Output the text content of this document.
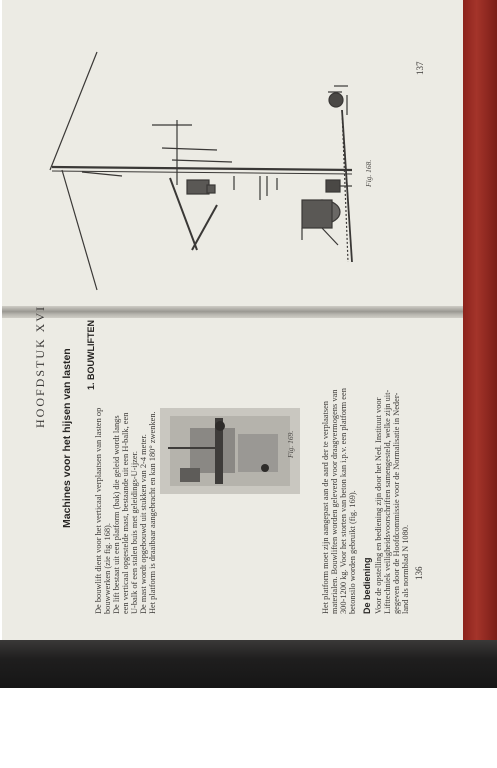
137
Fig. 168.
HOOFDSTUK XVI Machines voor het hijsen van lasten 1. BOUWLIFTEN
De bouwlift dient voor het verticaal verplaatsen van lasten op bouwwerken (zie fig. 168). De lift bestaat uit een platform (bak) die geleid wordt langs een verticaal opgestelde mast, bestaande uit een H-balk, een U-balk of een stalen buis met geleidings-U-ijzer. De mast wordt opgebouwd uit stukken van 2-4 meter. Het platform is draaibaar aangebracht en kan 180° zwenken.	Fig. 169.	Het platform moet zijn aangepast aan de aard der te verplaatsen materialen. Bouwliften worden geleverd voor draagvermogens van 300-1200 kg. Voor het storten van beton kan i.p.v. een platform een betonsilo worden gebruikt (fig. 169). De bediening Voor de opstelling en bediening zijn door het Ned. Instituut voor Lifttechniek veiligheidsvoorschriften samengesteld, welke zijn uit- gegeven door de Hoofdcommissie voor de Normalisatie in Neder- land als normblad N 1080. 136
